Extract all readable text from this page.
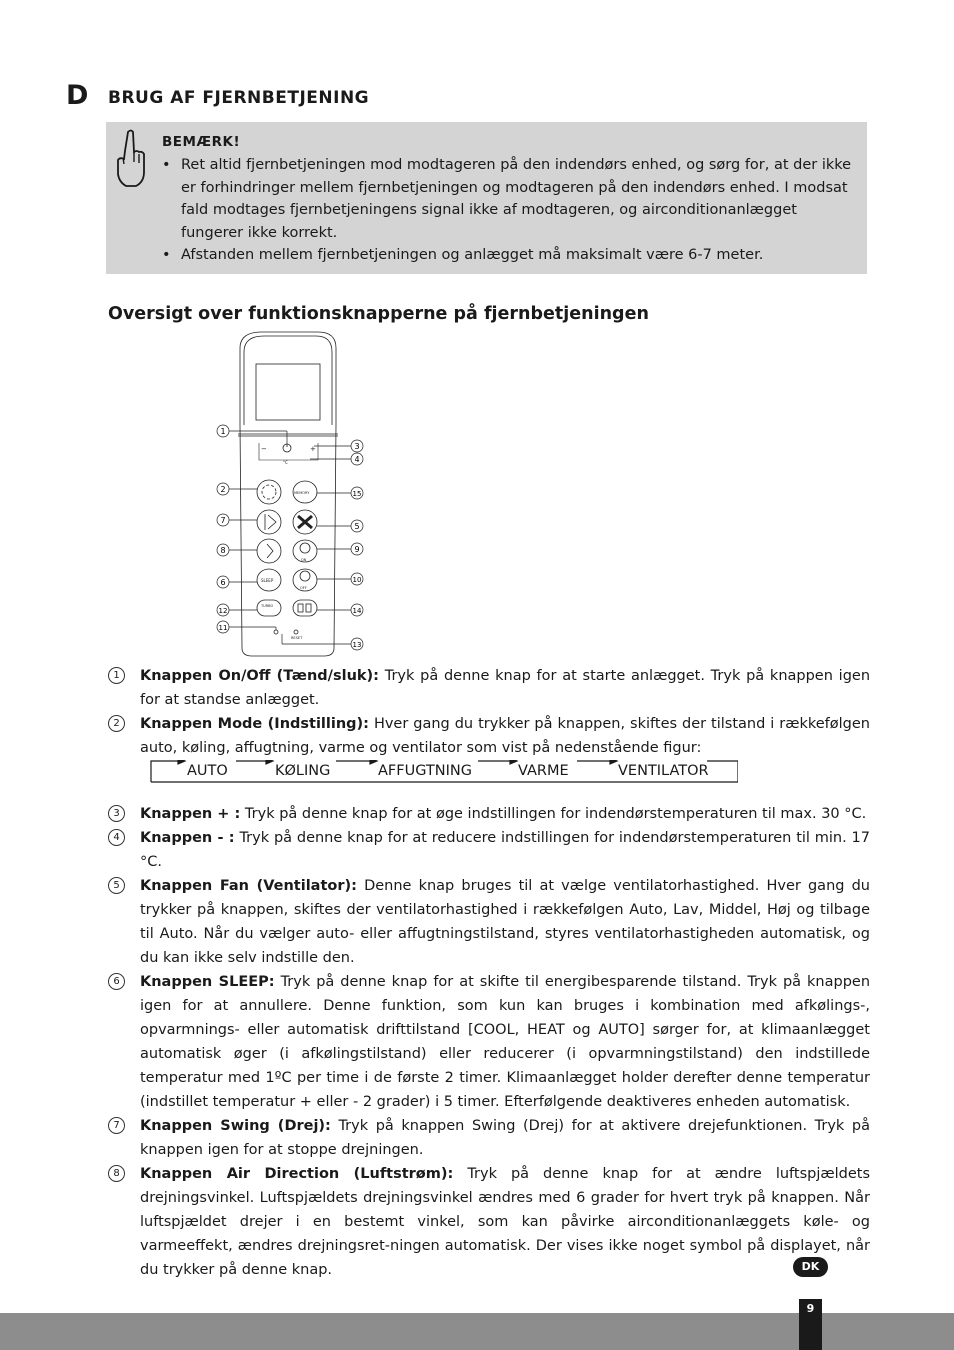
D BRUG AF FJERNBETJENING
BEMÆRK!
• Ret altid fjernbetjeningen mod modtageren på den indendørs enhed, og sørg for, at der ikke er forhindringer mellem fjernbetjeningen og modtageren på den indendørs enhed. I modsat fald modtages fjernbetjeningens signal ikke af modtageren, og airconditionanlægget fungerer ikke korrekt.
• Afstanden mellem fjernbetjeningen og anlægget må maksimalt være 6-7 meter.
Oversigt over funktionsknapperne på fjernbetjeningen
−	+
°C
MEMORY
ON
SLEEP
OFF
TURBO
RESET
1
2
7
8
6
12
11
3
4
15
5
9
10
14
13

1	Knappen On/Off (Tænd/sluk): Tryk på denne knap for at starte anlægget. Tryk på knappen igen for at standse anlægget.

2	Knappen Mode (Indstilling): Hver gang du trykker på knappen, skiftes der tilstand i rækkefølgen auto, køling, affugtning, varme og ventilator som vist på nedenstående figur:

AUTO	KØLING	AFFUGTNING	VARME	VENTILATOR

3	Knappen + : Tryk på denne knap for at øge indstillingen for indendørstemperaturen til max. 30 °C.

4	Knappen - : Tryk på denne knap for at reducere indstillingen for indendørstemperaturen til min. 17 °C.

5	Knappen Fan (Ventilator): Denne knap bruges til at vælge ventilatorhastighed. Hver gang du trykker på knappen, skiftes der ventilatorhastighed i rækkefølgen Auto, Lav, Middel, Høj og tilbage til Auto. Når du vælger auto- eller affugtningstilstand, styres ventilatorhastigheden automatisk, og du kan ikke selv indstille den.

6	Knappen SLEEP: Tryk på denne knap for at skifte til energibesparende tilstand. Tryk på knappen igen for at annullere. Denne funktion, som kun kan bruges i kombination med afkølings-, opvarmnings- eller automatisk drifttilstand [COOL, HEAT og AUTO] sørger for, at klimaanlægget automatisk øger (i afkølingstilstand) eller reducerer (i opvarmningstilstand) den indstillede temperatur med 1ºC per time i de første 2 timer. Klimaanlægget holder derefter denne temperatur (indstillet temperatur + eller - 2 grader) i 5 timer. Efterfølgende deaktiveres enheden automatisk.

7	Knappen Swing (Drej): Tryk på knappen Swing (Drej) for at aktivere drejefunktionen. Tryk på knappen igen for at stoppe drejningen.

8	Knappen Air Direction (Luftstrøm): Tryk på denne knap for at ændre luftspjældets drejningsvinkel. Luftspjældets drejningsvinkel ændres med 6 grader for hvert tryk på knappen. Når luftspjældet drejer i en bestemt vinkel, som kan påvirke airconditionanlæggets køle- og varmeeffekt, ændres drejningsret-ningen automatisk. Der vises ikke noget symbol på displayet, når du trykker på denne knap.	DK
9
